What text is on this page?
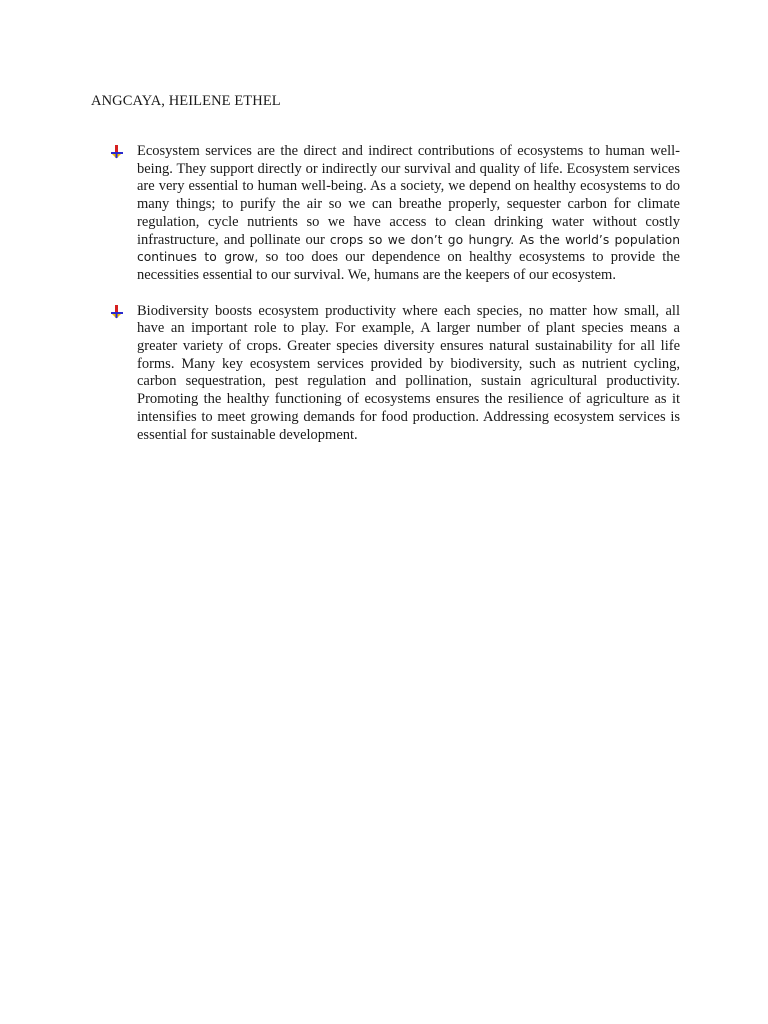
ANGCAYA, HEILENE ETHEL

Ecosystem services are the direct and indirect contributions of ecosystems to human well-being. They support directly or indirectly our survival and quality of life. Ecosystem services are very essential to human well-being. As a society, we depend on healthy ecosystems to do many things; to purify the air so we can breathe properly, sequester carbon for climate regulation, cycle nutrients so we have access to clean drinking water without costly infrastructure, and pollinate our crops so we don’t go hungry. As the world’s population continues to grow, so too does our dependence on healthy ecosystems to provide the necessities essential to our survival. We, humans are the keepers of our ecosystem.

Biodiversity boosts ecosystem productivity where each species, no matter how small, all have an important role to play. For example, A larger number of plant species means a greater variety of crops. Greater species diversity ensures natural sustainability for all life forms. Many key ecosystem services provided by biodiversity, such as nutrient cycling, carbon sequestration, pest regulation and pollination, sustain agricultural productivity. Promoting the healthy functioning of ecosystems ensures the resilience of agriculture as it intensifies to meet growing demands for food production. Addressing ecosystem services is essential for sustainable development.
